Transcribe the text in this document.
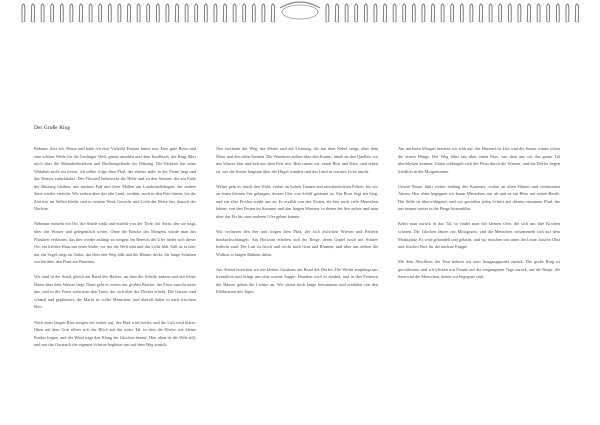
Der Große Ring

Rektum, hört ich, Reuse und habe ich eine Vielzahl Feature hinter mir. Eine gute Reise und eine schöne Weile für die Umlinger Welt, genau ansehen und dem Inselbuch, der Ring führt mich über die Mahndiedesfelsen und Buchtengelände der Wattung. Die Färberei hat seine Wahrheit nicht im freien, ich selber folge dem Pfad, der ebenso nahe in der Ferne liegt und das Wasser zurückkehrt. Der Flussteil beherrscht die Höhe und zu den Steinen, die am Ende der Rüstung bleiben, mit rundem Fuß und ihrer Maßen am Landschaftsbogen, der andere Seite wieder erreicht. Wir ziehen über das alte Land, weithin, noch in den Fels hinein, bis die Zeit mir im Stillen bleibt, und in seinem Werk Gewicht und Licht der Reise bin, danach der Nächste.

Nebenan entsteht ein Ort, die Sonde sinkt und erzählt von der Tiefe, der Stein, den sie trägt, über das Wasser und gelegentlich weiter. Ohne die Brücke des Morgens würde man das Flussbett verlassen, das hier wieder anfängt zu steigen. Im Bereich der Ufer findet sich dieser Ort, ein kleines Haus mit einer Stube, vor der die Welt ruht und das Licht hält. Still ist es hier, nur ein Vogel singt im Geäst, das über den Weg fällt und die Häuser deckt, die lange Schatten werfen über den Platz am Brunnen.

Wir sind in der Stadt, gleich am Rand des Hafens, an dem die Schiffe ankern und ein feiner Dunst über dem Wasser liegt. Dann geht es weiter zur großen Brücke, der Fluss rauscht unter uns, und in der Ferne sieht man den Turm, der sich über die Dächer erhebt. Die Gassen sind schmal und gepflastert, der Markt ist voller Menschen, und überall duftet es nach frischem Brot.

Nach einer langen Rast steigen wir weiter auf, der Pfad wird steiler, und die Luft wird klarer. Oben auf dem Grat öffnet sich der Blick auf das weite Tal, in dem die Dörfer wie kleine Punkte liegen, und der Wind trägt den Klang der Glocken herauf. Hier oben ist die Welt still, und nur das Geräusch der eigenen Schritte begleitet uns auf dem Weg zurück.

Neu erscheint der Weg, das Wetter und die Lichtung, die aus dem Nebel steigt, über dem Moor und den alten Steinen. Die Wanderer ziehen über den Kamm, hinab zu den Quellen, wo das Wasser klar und kalt aus dem Fels tritt. Hier rasten wir, essen Brot und Käse, und sehen zu, wie die Sonne langsam über die Hügel wandert und das Land in warmes Licht taucht.

Weiter geht es durch den Wald, vorbei an hohen Tannen und moosbedeckten Felsen, bis wir an einen kleinen See gelangen, dessen Ufer von Schilf gesäumt ist. Ein Boot liegt am Steg, und ein alter Fischer winkt uns zu. Er erzählt von den Zeiten, als hier noch viele Menschen lebten, von den Festen im Sommer und den langen Wintern, in denen der See zufror und man über das Eis bis zum anderen Ufer gehen konnte.

Wir verlassen den See und folgen dem Pfad, der sich zwischen Wiesen und Feldern hindurchschlängelt. Am Horizont erheben sich die Berge, deren Gipfel noch mit Schnee bedeckt sind. Die Luft ist frisch und riecht nach Gras und Blumen, und über uns ziehen die Wolken in langen Bahnen dahin.

Am Abend erreichen wir ein kleines Gasthaus am Rand des Dorfes. Die Wirtin empfängt uns freundlich und bringt uns eine warme Suppe. Draußen wird es dunkel, und in den Fenstern der Häuser gehen die Lichter an. Wir sitzen noch lange beisammen und erzählen von den Erlebnissen des Tages.

Am nächsten Morgen brechen wir früh auf, der Himmel ist klar, und die Sonne wärmt schon die ersten Hänge. Der Weg führt uns über einen Pass, von dem aus wir das ganze Tal überblicken können. Unten schlängelt sich der Fluss durch die Wiesen, und die Dörfer liegen friedlich in der Morgensonne.

Unsere Route führt weiter entlang des Kammes, vorbei an alten Hütten und verlassenen Almen. Hier oben begegnen wir kaum Menschen, nur ab und zu ein Hirte mit seiner Herde. Die Stille ist überwältigend, und wir genießen jeden Schritt auf diesem einsamen Pfad, der uns immer weiter in die Berge hineinführt.

Kehrt man zurück in das Tal, so findet man die kleinen Orte, die sich um ihre Kirchen scharen. Die Glocken läuten zur Mittagszeit, und die Menschen versammeln sich auf dem Marktplatz. Es wird gehandelt und gelacht, und wir mischen uns unter die Leute, kaufen Obst und frisches Brot für die nächste Etappe.

Mit dem Abschluss der Tour kehren wir zum Ausgangspunkt zurück. Der große Ring ist geschlossen, und wir blicken mit Freude auf die vergangenen Tage zurück, auf die Berge, die Seen und die Menschen, denen wir begegnet sind.
